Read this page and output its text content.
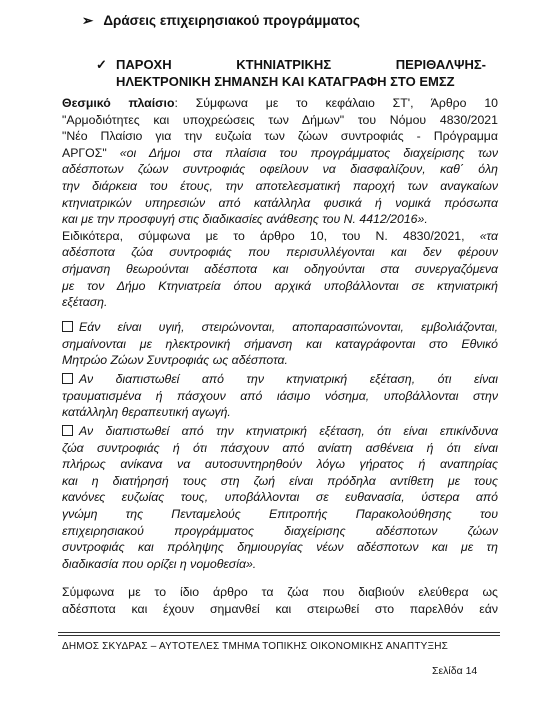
➢ Δράσεις επιχειρησιακού προγράμματος
✓ ΠΑΡΟΧΗ	ΚΤΗΝΙΑΤΡΙΚΗΣ	ΠΕΡΙΘΑΛΨΗΣ-
ΗΛΕΚΤΡΟΝΙΚΗ ΣΗΜΑΝΣΗ ΚΑΙ ΚΑΤΑΓΡΑΦΗ ΣΤΟ ΕΜΣΖ
Θεσμικό πλαίσιο: Σύμφωνα με το κεφάλαιο ΣΤ', Άρθρο 10
"Αρμοδιότητες και υποχρεώσεις των Δήμων" του Νόμου 4830/2021
"Νέο Πλαίσιο για την ευζωία των ζώων συντροφιάς - Πρόγραμμα
ΑΡΓΟΣ" «οι Δήμοι στα πλαίσια του προγράμματος διαχείρισης των
αδέσποτων ζώων συντροφιάς οφείλουν να διασφαλίζουν, καθ΄ όλη
την διάρκεια του έτους, την αποτελεσματική παροχή των αναγκαίων
κτηνιατρικών υπηρεσιών από κατάλληλα φυσικά ή νομικά πρόσωπα
και με την προσφυγή στις διαδικασίες ανάθεσης του Ν. 4412/2016».
Ειδικότερα, σύμφωνα με το άρθρο 10, του Ν. 4830/2021, «τα
αδέσποτα ζώα συντροφιάς που περισυλλέγονται και δεν φέρουν
σήμανση θεωρούνται αδέσποτα και οδηγούνται στα συνεργαζόμενα
με τον Δήμο Κτηνιατρεία όπου αρχικά υποβάλλονται σε κτηνιατρική
εξέταση.
Εάν είναι υγιή, στειρώνονται, αποπαρασιτώνονται, εμβολιάζονται,
σημαίνονται με ηλεκτρονική σήμανση και καταγράφονται στο Εθνικό
Μητρώο Ζώων Συντροφιάς ως αδέσποτα.
Αν διαπιστωθεί από την κτηνιατρική εξέταση, ότι είναι
τραυματισμένα ή πάσχουν από ιάσιμο νόσημα, υποβάλλονται στην
κατάλληλη θεραπευτική αγωγή.
Αν διαπιστωθεί από την κτηνιατρική εξέταση, ότι είναι επικίνδυνα
ζώα συντροφιάς ή ότι πάσχουν από ανίατη ασθένεια ή ότι είναι
πλήρως ανίκανα να αυτοσυντηρηθούν λόγω γήρατος ή αναπηρίας
και η διατήρησή τους στη ζωή είναι πρόδηλα αντίθετη με τους
κανόνες ευζωίας τους, υποβάλλονται σε ευθανασία, ύστερα από
γνώμη της Πενταμελούς Επιτροπής Παρακολούθησης του
επιχειρησιακού προγράμματος διαχείρισης αδέσποτων ζώων
συντροφιάς και πρόληψης δημιουργίας νέων αδέσποτων και με τη
διαδικασία που ορίζει η νομοθεσία».
Σύμφωνα με το ίδιο άρθρο τα ζώα που διαβιούν ελεύθερα ως
αδέσποτα και έχουν σημανθεί και στειρωθεί στο παρελθόν εάν
ΔΗΜΟΣ ΣΚΥΔΡΑΣ – ΑΥΤΟΤΕΛΕΣ ΤΜΗΜΑ ΤΟΠΙΚΗΣ ΟΙΚΟΝΟΜΙΚΗΣ ΑΝΑΠΤΥΞΗΣ
Σελίδα 14
